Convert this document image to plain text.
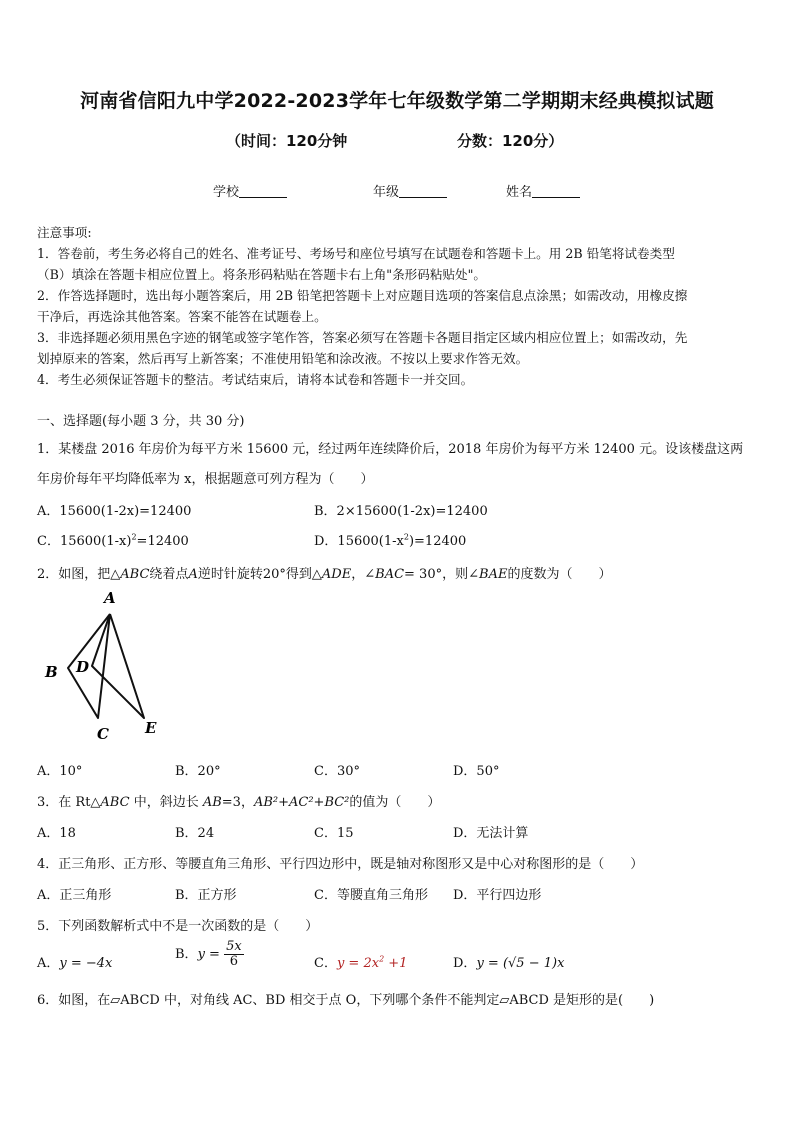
河南省信阳九中学2022-2023学年七年级数学第二学期期末经典模拟试题
（时间：120分钟	分数：120分）
学校	年级	姓名

注意事项:

1．答卷前，考生务必将自己的姓名、准考证号、考场号和座位号填写在试题卷和答题卡上。用 2B 铅笔将试卷类型

（B）填涂在答题卡相应位置上。将条形码粘贴在答题卡右上角"条形码粘贴处"。

2．作答选择题时，选出每小题答案后，用 2B 铅笔把答题卡上对应题目选项的答案信息点涂黑；如需改动，用橡皮擦

干净后，再选涂其他答案。答案不能答在试题卷上。

3．非选择题必须用黑色字迹的钢笔或签字笔作答，答案必须写在答题卡各题目指定区域内相应位置上；如需改动，先

划掉原来的答案，然后再写上新答案；不准使用铅笔和涂改液。不按以上要求作答无效。

4．考生必须保证答题卡的整洁。考试结束后，请将本试卷和答题卡一并交回。

一、选择题(每小题 3 分，共 30 分)
1．某楼盘 2016 年房价为每平方米 15600 元，经过两年连续降价后，2018 年房价为每平方米 12400 元。设该楼盘这两
年房价每年平均降低率为 x，根据题意可列方程为（　　）
A．15600(1-2x)=12400	B．2×15600(1-2x)=12400
C．$15600(1-x)^2=12400$	D．$15600(1-x^2)=12400$
2．如图，把△ABC绕着点A逆时针旋转20°得到△ADE，∠BAC= 30°，则∠BAE的度数为（　　）
A
B D
C E
A．10°	B．20°	C．30°	D．50°
3．在 Rt△ABC 中，斜边长 AB=3，AB²+AC²+BC²的值为（　　）
A．18	B．24	C．15	D．无法计算
4．正三角形、正方形、等腰直角三角形、平行四边形中，既是轴对称图形又是中心对称图形的是（　　）
A．正三角形	B．正方形	C．等腰直角三角形 D．平行四边形
5．下列函数解析式中不是一次函数的是（　　）
A．y = −4x
B．$y = \frac{5x}{6}$	C．$y = 2x^2 +1$	D．y = (√5 − 1)x
6．如图，在▱ABCD 中，对角线 AC、BD 相交于点 O，下列哪个条件不能判定▱ABCD 是矩形的是(　　)
